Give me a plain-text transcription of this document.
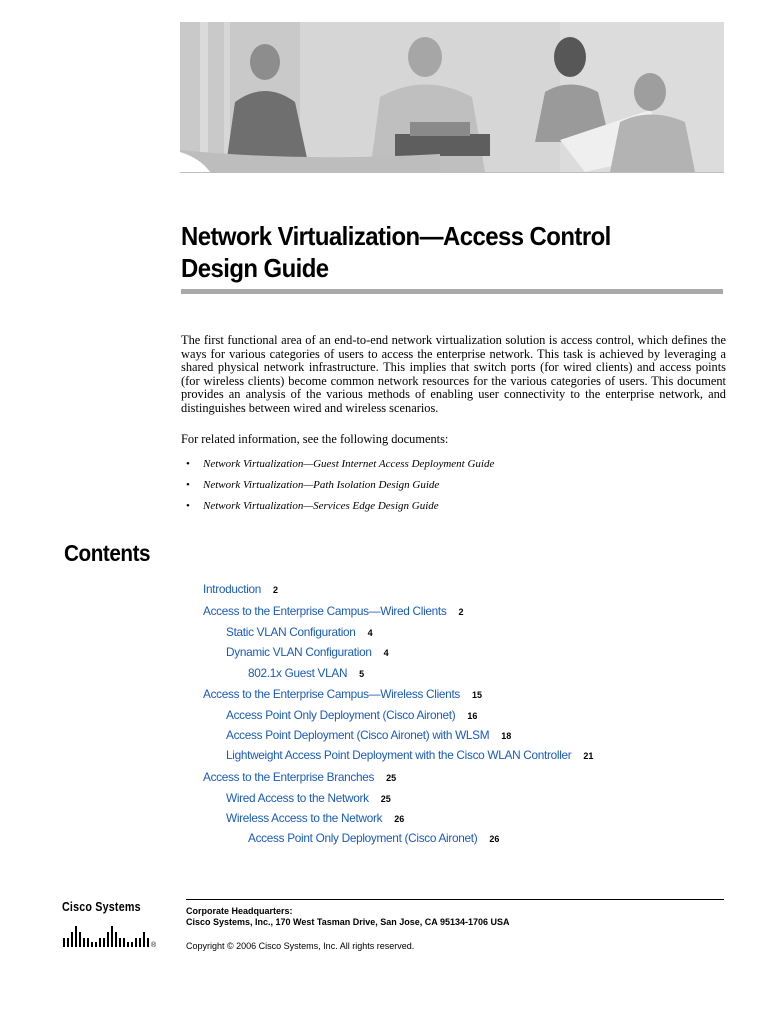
Network Virtualization—Access Control Design Guide

The first functional area of an end-to-end network virtualization solution is access control, which defines the ways for various categories of users to access the enterprise network. This task is achieved by leveraging a shared physical network infrastructure. This implies that switch ports (for wired clients) and access points (for wireless clients) become common network resources for the various categories of users. This document provides an analysis of the various methods of enabling user connectivity to the enterprise network, and distinguishes between wired and wireless scenarios.

For related information, see the following documents:
• Network Virtualization—Guest Internet Access Deployment Guide
• Network Virtualization—Path Isolation Design Guide
• Network Virtualization—Services Edge Design Guide
Contents
Introduction 2
Access to the Enterprise Campus—Wired Clients 2
Static VLAN Configuration 4
Dynamic VLAN Configuration 4
802.1x Guest VLAN 5
Access to the Enterprise Campus—Wireless Clients 15
Access Point Only Deployment (Cisco Aironet) 16
Access Point Deployment (Cisco Aironet) with WLSM 18
Lightweight Access Point Deployment with the Cisco WLAN Controller 21
Access to the Enterprise Branches 25
Wired Access to the Network 25
Wireless Access to the Network 26
Access Point Only Deployment (Cisco Aironet) 26
Cisco Systems
®
Corporate Headquarters:
Cisco Systems, Inc., 170 West Tasman Drive, San Jose, CA 95134-1706 USA
Copyright © 2006 Cisco Systems, Inc. All rights reserved.
